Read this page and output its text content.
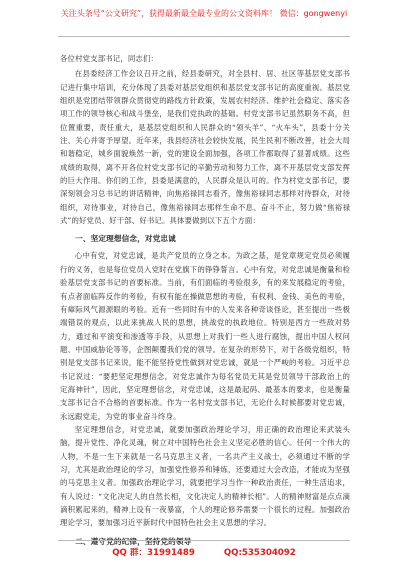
关注头条号“公文研究”，获得最新最全最专业的公文资料库！ 微信：gongwenyi

各位村党支部书记，同志们：

在县委经济工作会议召开之前，经县委研究，对全县村、居、社区等基层党支部书记进行集中培训，充分体现了县委对基层党组织和基层党支部书记的高度重视。基层党组织是党团结带领群众贯彻党的路线方针政策，发展农村经济、维护社会稳定、落实各项工作的领导核心和战斗堡垒，是我们党执政的基础。村党支部书记虽然职务不高，但位置重要，责任重大，是基层党组织和人民群众的“领头羊”、“火车头”，县委十分关注、关心并寄予厚望。近年来，我县经济社会较快发展，民生民利不断改善，社会大局和谐稳定，城乡面貌焕然一新，党的建设全面加强，各项工作都取得了显著成绩。这些成绩的取得，离不开各位村党支部书记的辛勤劳动和努力工作，离不开基层党支部发挥的巨大作用。你们的工作，县委是满意的，人民群众是认可的。作为村党支部书记，要深刻领会习总书记的讲话精神，向焦裕禄同志看齐，像焦裕禄同志那样对待群众，对待组织，对待事业，对待自己，像焦裕禄同志那样生命不息、奋斗不止，努力做“焦裕禄式”的好党员、好干部、好书记。具体要做到以下五个方面：

一、坚定理想信念，对党忠诚

心中有党，对党忠诚，是共产党员的立身之本。为政之基，是党章规定党员必须履行的义务，也是每位党员入党时在党旗下的铮铮誓言。心中有党，对党忠诚是衡量和检验基层党支部书记的首要标准。当前，有们面临的考验很多，有的来发展稳定的考验，有点者面临阵反作的考验，有权有能在操做思想的考验，有权利、金钱、美色的考验，有瘴际风气源源眼的考验。近有一些同时有中的人发来各种奇谈怪论，甚至提出一些极端错误的观点，以此来挑战人民的思想，挑战党的执政地位。特别是西方一些敌对势力，通过和平演变和渗透等手段，从思想上对我们一些人进行腐蚀，提出中国人权问题、中国威胁论等等，企图颠覆我们党的领导。在复杂的形势下，对于各级党组织，特别是党支部书记来说，能不能坚持党性做到对党忠诚，就是一个严峻的考验。习近平总书记说过：“要把坚定理想信念，对党忠诚作为每名党员无其是党员领导干部政治上的定海神针”，因此，坚定理想信念，对党忠诚，这是最起码、最基本的要求，也是衡量支部书记合不合格的首要标准。作为一名村党支部书记，无论什么时候都要对党忠诚，永远跟党走，为党的事业奋斗终身。

坚定理想信念，对党忠诚，就要加强政治理论学习，用正确的政治理论来武装头脑，提升党性、净化灵魂，树立对中国特色社会主义坚定必胜的信心。任何一个伟大的人物，不是一生下来就是一名马克思主义者，一名共产主义战士，必须通过不断的学习，尤其是政治理论的学习，加强党性修养和锤炼，还要通过大会改造，才能成为坚强的马克思主义者。加强政治理论学习，就要把学习当作一种政治责任，一种生活追求，有人说过：“文化决定人的自然长相，文化决定人的精神长相”。人的精神财富是点点滴滴积累起来的，精神上设有一夜暴富，个人的理论修养需要一个很长的过程。加强政治理论学习，要加强习近平新时代中国特色社会主义思想的学习。

二、遵守党的纪律，坚持党的领导
QQ 群：31991489	QQ:535304092
